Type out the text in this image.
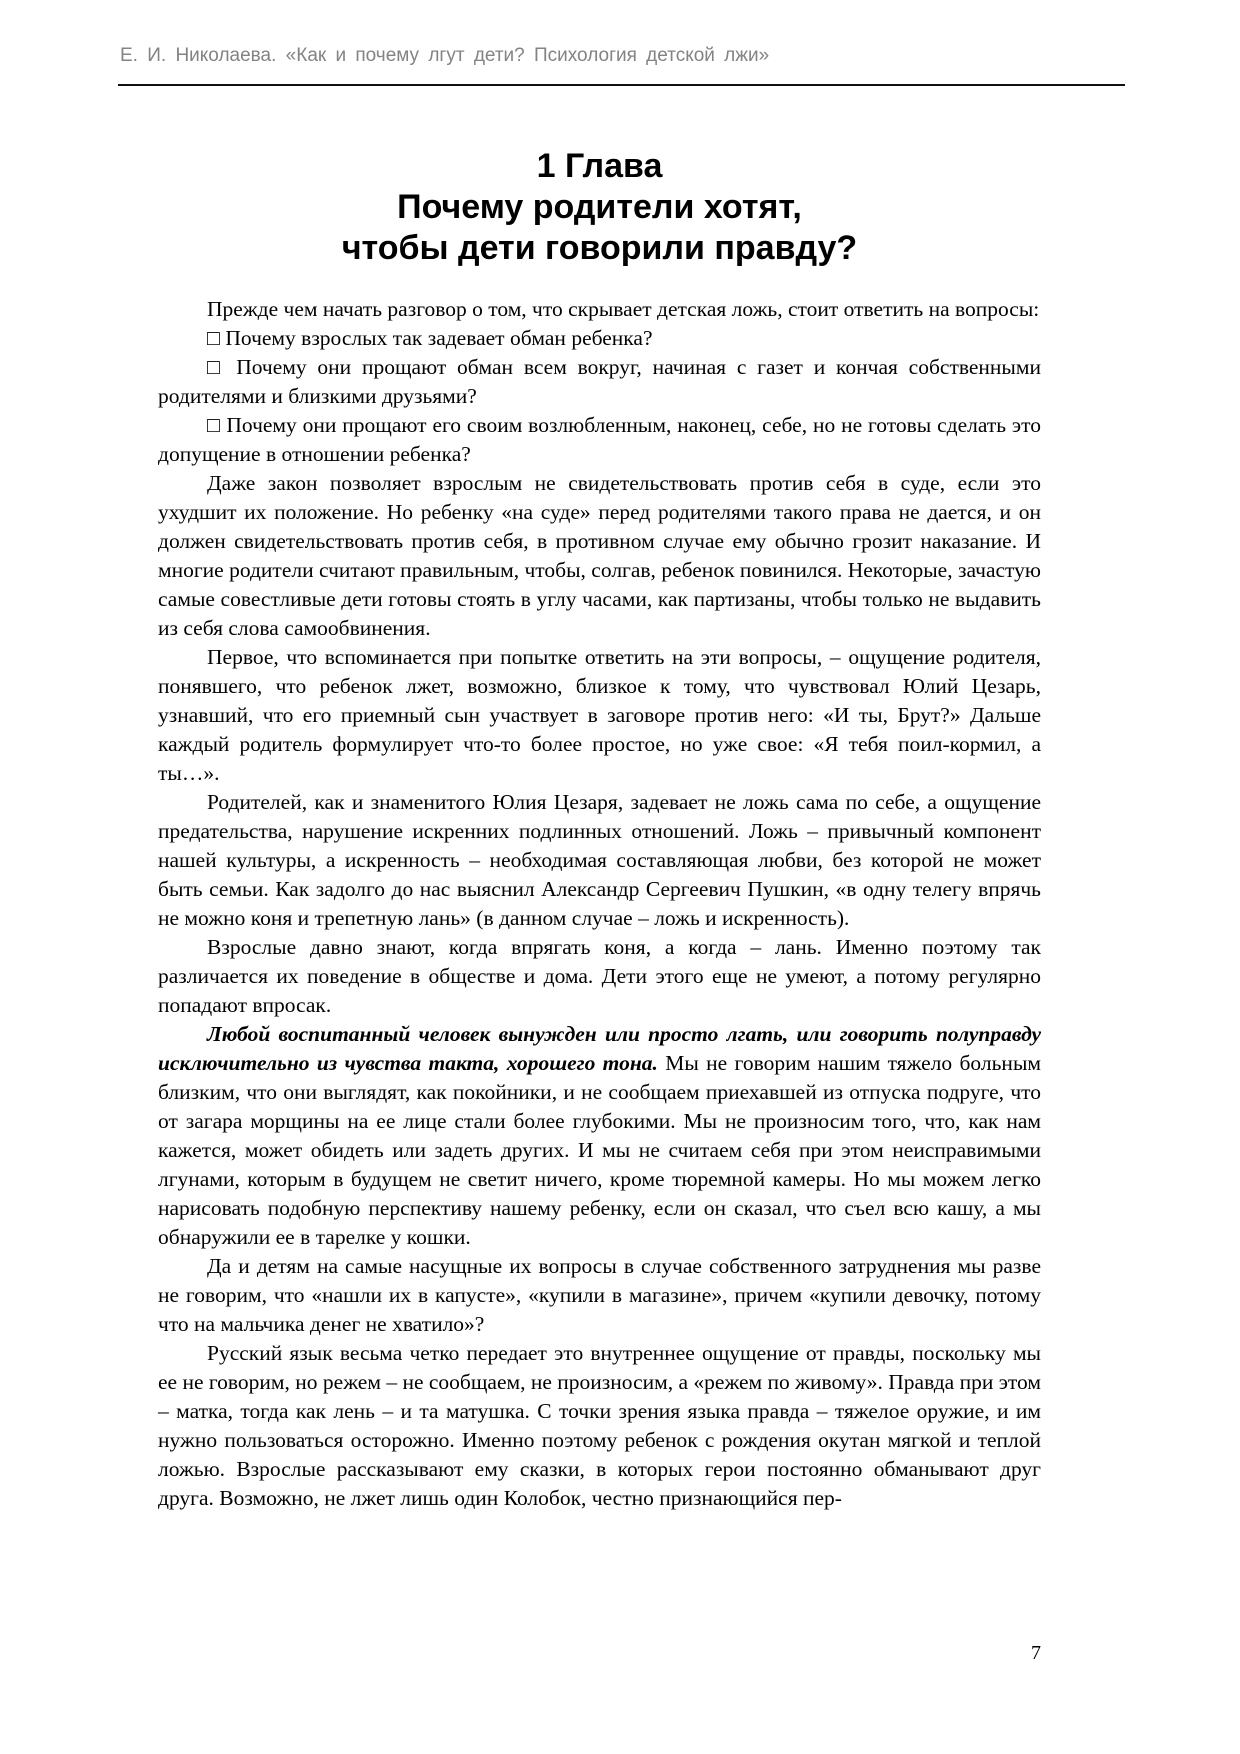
Е. И. Николаева. «Как и почему лгут дети? Психология детской лжи»
1 Глава
Почему родители хотят,
чтобы дети говорили правду?

Прежде чем начать разговор о том, что скрывает детская ложь, стоит ответить на вопросы:

□ Почему взрослых так задевает обман ребенка?

□ Почему они прощают обман всем вокруг, начиная с газет и кончая собственными родителями и близкими друзьями?

□ Почему они прощают его своим возлюбленным, наконец, себе, но не готовы сделать это допущение в отношении ребенка?

Даже закон позволяет взрослым не свидетельствовать против себя в суде, если это ухудшит их положение. Но ребенку «на суде» перед родителями такого права не дается, и он должен свидетельствовать против себя, в противном случае ему обычно грозит наказание. И многие родители считают правильным, чтобы, солгав, ребенок повинился. Некоторые, зачастую самые совестливые дети готовы стоять в углу часами, как партизаны, чтобы только не выдавить из себя слова самообвинения.

Первое, что вспоминается при попытке ответить на эти вопросы, – ощущение родителя, понявшего, что ребенок лжет, возможно, близкое к тому, что чувствовал Юлий Цезарь, узнавший, что его приемный сын участвует в заговоре против него: «И ты, Брут?» Дальше каждый родитель формулирует что-то более простое, но уже свое: «Я тебя поил-кормил, а ты…».

Родителей, как и знаменитого Юлия Цезаря, задевает не ложь сама по себе, а ощущение предательства, нарушение искренних подлинных отношений. Ложь – привычный компонент нашей культуры, а искренность – необходимая составляющая любви, без которой не может быть семьи. Как задолго до нас выяснил Александр Сергеевич Пушкин, «в одну телегу впрячь не можно коня и трепетную лань» (в данном случае – ложь и искренность).

Взрослые давно знают, когда впрягать коня, а когда – лань. Именно поэтому так различается их поведение в обществе и дома. Дети этого еще не умеют, а потому регулярно попадают впросак.

Любой воспитанный человек вынужден или просто лгать, или говорить полуправду исключительно из чувства такта, хорошего тона. Мы не говорим нашим тяжело больным близким, что они выглядят, как покойники, и не сообщаем приехавшей из отпуска подруге, что от загара морщины на ее лице стали более глубокими. Мы не произносим того, что, как нам кажется, может обидеть или задеть других. И мы не считаем себя при этом неисправимыми лгунами, которым в будущем не светит ничего, кроме тюремной камеры. Но мы можем легко нарисовать подобную перспективу нашему ребенку, если он сказал, что съел всю кашу, а мы обнаружили ее в тарелке у кошки.

Да и детям на самые насущные их вопросы в случае собственного затруднения мы разве не говорим, что «нашли их в капусте», «купили в магазине», причем «купили девочку, потому что на мальчика денег не хватило»?

Русский язык весьма четко передает это внутреннее ощущение от правды, поскольку мы ее не говорим, но режем – не сообщаем, не произносим, а «режем по живому». Правда при этом – матка, тогда как лень – и та матушка. С точки зрения языка правда – тяжелое оружие, и им нужно пользоваться осторожно. Именно поэтому ребенок с рождения окутан мягкой и теплой ложью. Взрослые рассказывают ему сказки, в которых герои постоянно обманывают друг друга. Возможно, не лжет лишь один Колобок, честно признающийся пер-

7
